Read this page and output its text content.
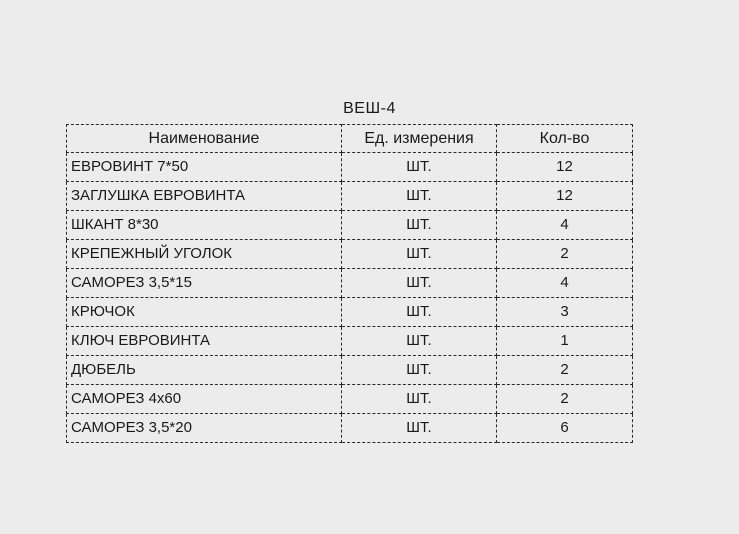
ВЕШ-4
Наименование	Ед. измерения	Кол-во
ЕВРОВИНТ 7*50	ШТ.	12
ЗАГЛУШКА ЕВРОВИНТА	ШТ.	12
ШКАНТ 8*30	ШТ.	4
КРЕПЕЖНЫЙ УГОЛОК	ШТ.	2
САМОРЕЗ 3,5*15	ШТ.	4
КРЮЧОК	ШТ.	3
КЛЮЧ ЕВРОВИНТА	ШТ.	1
ДЮБЕЛЬ	ШТ.	2
САМОРЕЗ 4х60	ШТ.	2
САМОРЕЗ 3,5*20	ШТ.	6
